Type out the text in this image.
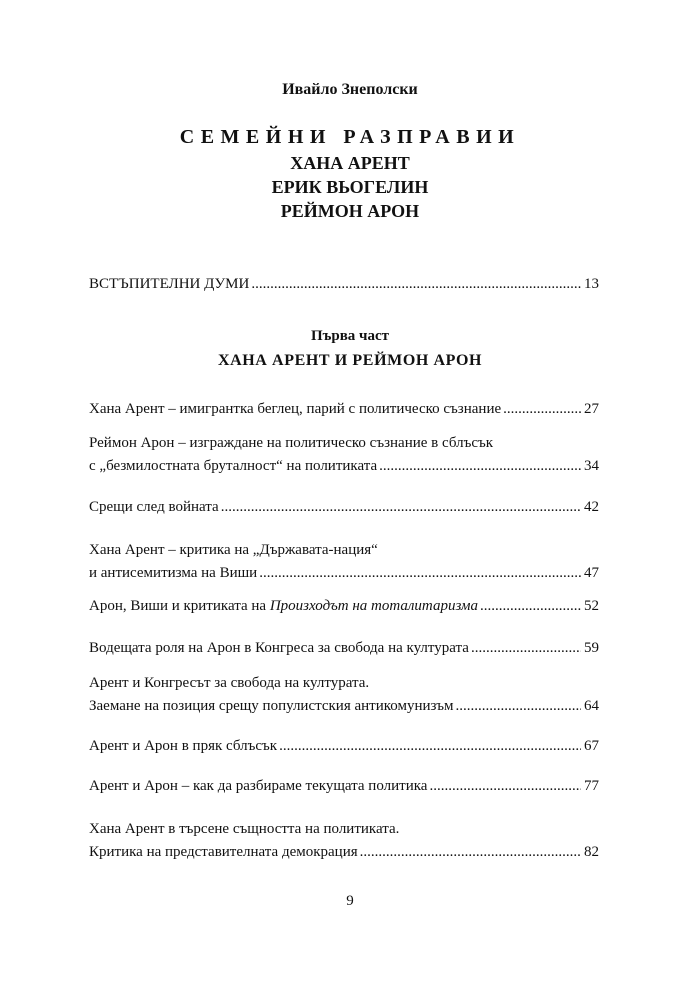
Ивайло Знеполски
СЕМЕЙНИ РАЗПРАВИИ
ХАНА АРЕНТ
ЕРИК ВЬОГЕЛИН
РЕЙМОН АРОН
ВСТЪПИТЕЛНИ ДУМИ .....	13
Първа част
ХАНА АРЕНТ И РЕЙМОН АРОН
Хана Арент – имигрантка беглец, парий с политическо съзнание .....	27
Реймон Арон – изграждане на политическо съзнание в сблъсък
с „безмилостната бруталност“ на политиката .....	34
Срещи след войната .....	42
Хана Арент – критика на „Държавата-нация“
и антисемитизма на Виши .....	47
Арон, Виши и критиката на Произходът на тоталитаризма .....	52
Водещата роля на Арон в Конгреса за свобода на културата .....	59
Арент и Конгресът за свобода на културата.
Заемане на позиция срещу популистския антикомунизъм .....	64
Арент и Арон в пряк сблъсък .....	67
Арент и Арон – как да разбираме текущата политика .....	77
Хана Арент в търсене същността на политиката.
Критика на представителната демокрация .....	82
9
